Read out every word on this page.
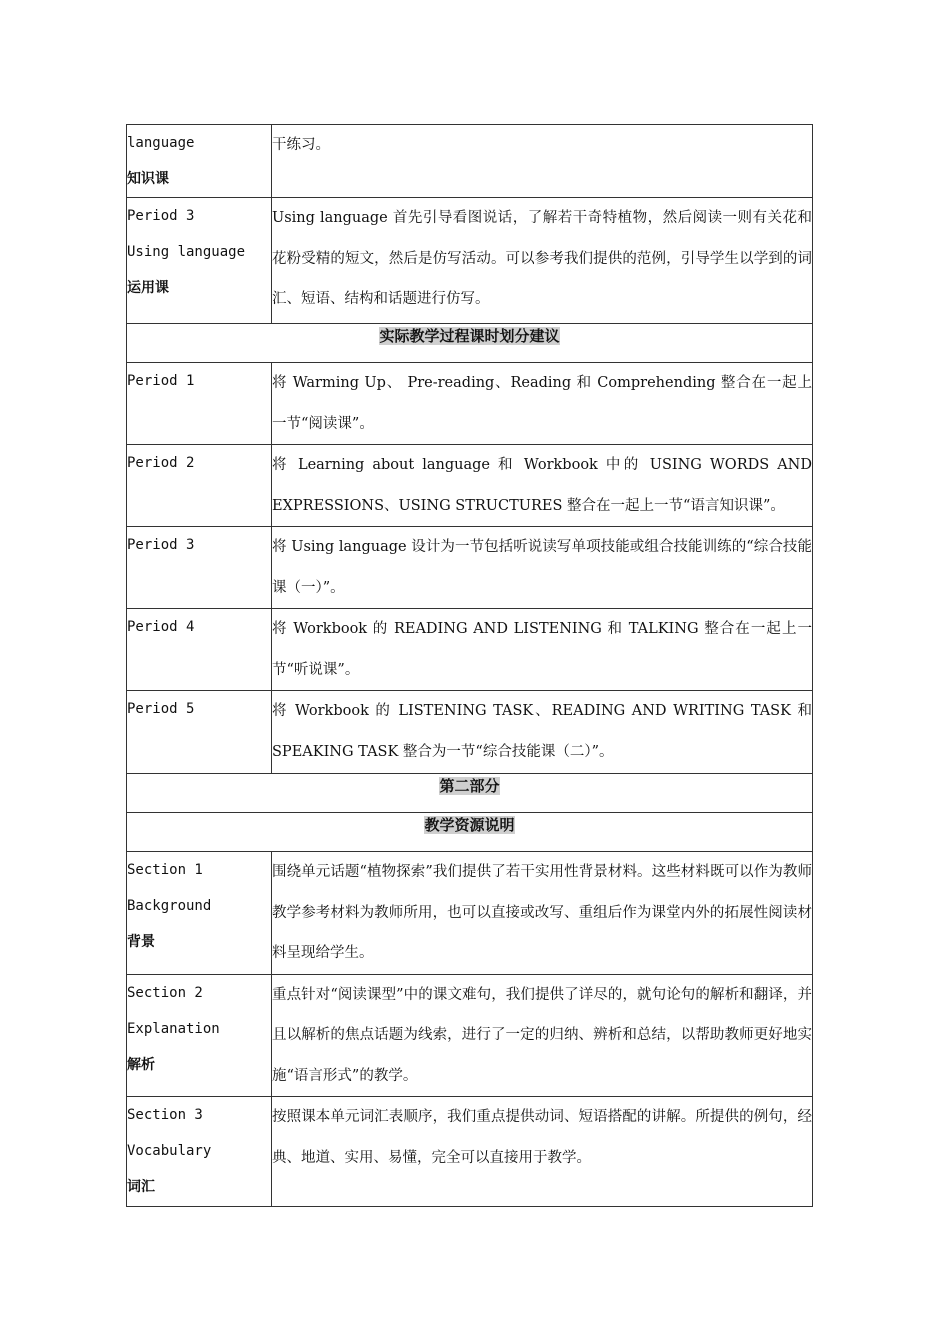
language
知识课	干练习。

Period 3
Using language
运用课	Using language 首先引导看图说话，了解若干奇特植物，然后阅读一则有关花和花粉受精的短文，然后是仿写活动。可以参考我们提供的范例，引导学生以学到的词汇、短语、结构和话题进行仿写。
实际教学过程课时划分建议	

Period 1	将 Warming Up、 Pre-reading、Reading 和 Comprehending 整合在一起上一节“阅读课”。

Period 2	将 Learning about language 和 Workbook 中的 USING WORDS AND EXPRESSIONS、USING STRUCTURES 整合在一起上一节“语言知识课”。

Period 3	将 Using language 设计为一节包括听说读写单项技能或组合技能训练的“综合技能课（一）”。

Period 4	将 Workbook 的 READING AND LISTENING 和 TALKING 整合在一起上一节“听说课”。

Period 5	将 Workbook 的 LISTENING TASK、READING AND WRITING TASK 和 SPEAKING TASK 整合为一节“综合技能课（二）”。
第二部分	
教学资源说明	

Section 1
Background
背景	围绕单元话题“植物探索”我们提供了若干实用性背景材料。这些材料既可以作为教师教学参考材料为教师所用，也可以直接或改写、重组后作为课堂内外的拓展性阅读材料呈现给学生。

Section 2
Explanation
解析	重点针对“阅读课型”中的课文难句，我们提供了详尽的，就句论句的解析和翻译，并且以解析的焦点话题为线索，进行了一定的归纳、辨析和总结，以帮助教师更好地实施“语言形式”的教学。

Section 3
Vocabulary
词汇	按照课本单元词汇表顺序，我们重点提供动词、短语搭配的讲解。所提供的例句，经典、地道、实用、易懂，完全可以直接用于教学。
